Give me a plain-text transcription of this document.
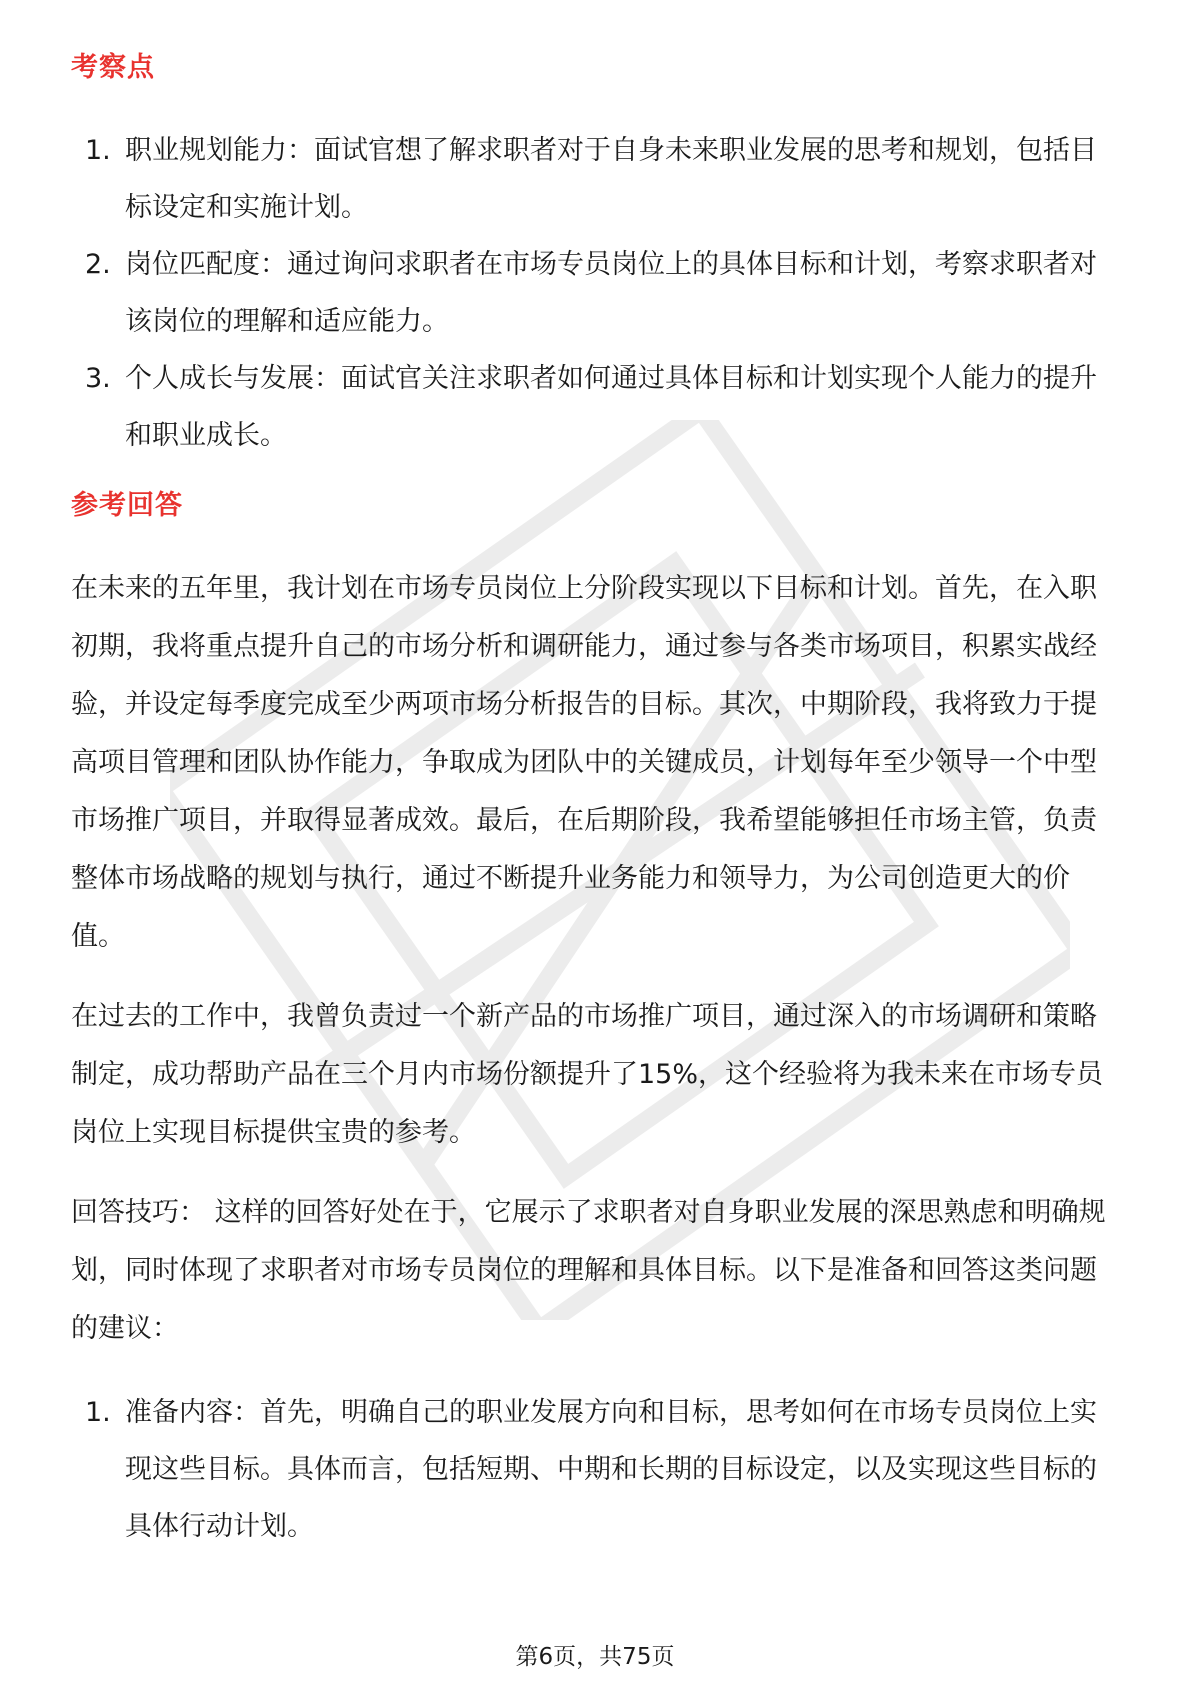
考察点
1. 职业规划能力：面试官想了解求职者对于自身未来职业发展的思考和规划，包括目标设定和实施计划。
2. 岗位匹配度：通过询问求职者在市场专员岗位上的具体目标和计划，考察求职者对该岗位的理解和适应能力。
3. 个人成长与发展：面试官关注求职者如何通过具体目标和计划实现个人能力的提升和职业成长。
参考回答

在未来的五年里，我计划在市场专员岗位上分阶段实现以下目标和计划。首先，在入职初期，我将重点提升自己的市场分析和调研能力，通过参与各类市场项目，积累实战经验，并设定每季度完成至少两项市场分析报告的目标。其次，中期阶段，我将致力于提高项目管理和团队协作能力，争取成为团队中的关键成员，计划每年至少领导一个中型市场推广项目，并取得显著成效。最后，在后期阶段，我希望能够担任市场主管，负责整体市场战略的规划与执行，通过不断提升业务能力和领导力，为公司创造更大的价值。

在过去的工作中，我曾负责过一个新产品的市场推广项目，通过深入的市场调研和策略制定，成功帮助产品在三个月内市场份额提升了15%，这个经验将为我未来在市场专员岗位上实现目标提供宝贵的参考。

回答技巧： 这样的回答好处在于，它展示了求职者对自身职业发展的深思熟虑和明确规划，同时体现了求职者对市场专员岗位的理解和具体目标。以下是准备和回答这类问题的建议：

1. 准备内容：首先，明确自己的职业发展方向和目标，思考如何在市场专员岗位上实现这些目标。具体而言，包括短期、中期和长期的目标设定，以及实现这些目标的具体行动计划。
第6页，共75页
